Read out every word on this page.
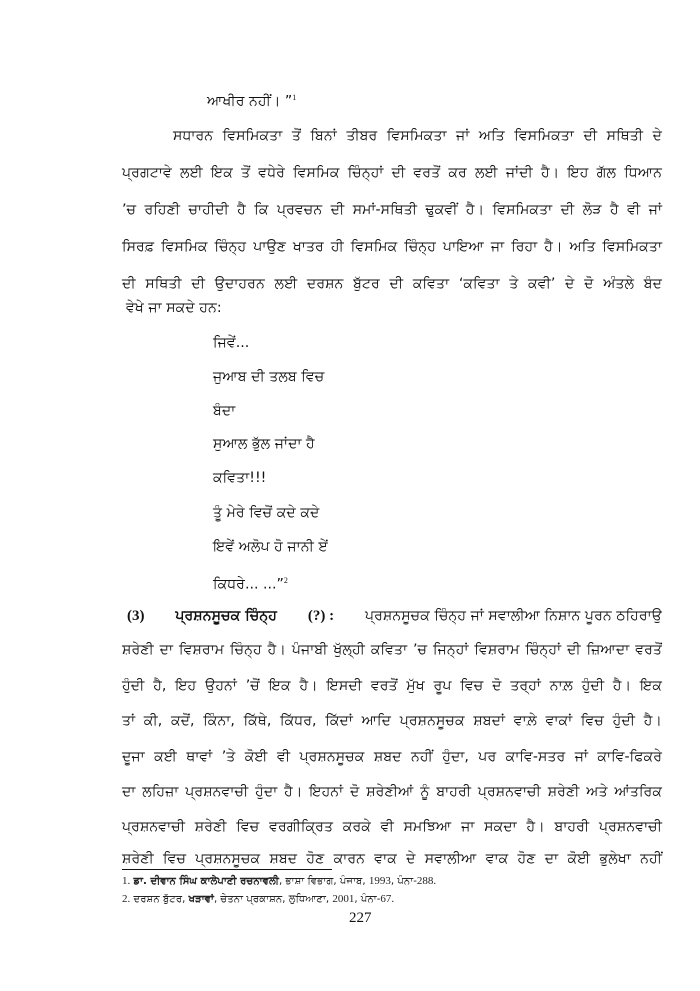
ਆਖੀਰ ਨਹੀਂ। ”$^1$
ਸਧਾਰਨ ਵਿਸਮਿਕਤਾ ਤੋਂ ਬਿਨਾਂ ਤੀਬਰ ਵਿਸਮਿਕਤਾ ਜਾਂ ਅਤਿ ਵਿਸਮਿਕਤਾ ਦੀ ਸਥਿਤੀ ਦੇ
ਪ੍ਰਗਟਾਵੇ ਲਈ ਇਕ ਤੋਂ ਵਧੇਰੇ ਵਿਸਮਿਕ ਚਿੰਨ੍ਹਾਂ ਦੀ ਵਰਤੋਂ ਕਰ ਲਈ ਜਾਂਦੀ ਹੈ। ਇਹ ਗੱਲ ਧਿਆਨ
’ਚ ਰਹਿਣੀ ਚਾਹੀਦੀ ਹੈ ਕਿ ਪ੍ਰਵਚਨ ਦੀ ਸਮਾਂ-ਸਥਿਤੀ ਢੁਕਵੀਂ ਹੈ। ਵਿਸਮਿਕਤਾ ਦੀ ਲੋੜ ਹੈ ਵੀ ਜਾਂ
ਸਿਰਫ਼ ਵਿਸਮਿਕ ਚਿੰਨ੍ਹ ਪਾਉਣ ਖਾਤਰ ਹੀ ਵਿਸਮਿਕ ਚਿੰਨ੍ਹ ਪਾਇਆ ਜਾ ਰਿਹਾ ਹੈ। ਅਤਿ ਵਿਸਮਿਕਤਾ
ਦੀ ਸਥਿਤੀ ਦੀ ਉਦਾਹਰਨ ਲਈ ਦਰਸ਼ਨ ਬੁੱਟਰ ਦੀ ਕਵਿਤਾ ‘ਕਵਿਤਾ ਤੇ ਕਵੀ’ ਦੇ ਦੋ ਅੰਤਲੇ ਬੰਦ
ਵੇਖੇ ਜਾ ਸਕਦੇ ਹਨ:
ਜਿਵੇਂ...
ਜੁਆਬ ਦੀ ਤਲਬ ਵਿਚ
ਬੰਦਾ
ਸੁਆਲ ਭੁੱਲ ਜਾਂਦਾ ਹੈ
ਕਵਿਤਾ!!!
ਤੂੰ ਮੇਰੇ ਵਿਚੋਂ ਕਦੇ ਕਦੇ
ਇਵੇਂ ਅਲੋਪ ਹੋ ਜਾਨੀ ਏਂ
ਕਿਧਰੇ... ...”$^2$
(3) ਪ੍ਰਸ਼ਨਸੂਚਕ ਚਿੰਨ੍ਹ (?) : ਪ੍ਰਸ਼ਨਸੂਚਕ ਚਿੰਨ੍ਹ ਜਾਂ ਸਵਾਲੀਆ ਨਿਸ਼ਾਨ ਪੂਰਨ ਠਹਿਰਾਉ
ਸ਼ਰੇਣੀ ਦਾ ਵਿਸ਼ਰਾਮ ਚਿੰਨ੍ਹ ਹੈ। ਪੰਜਾਬੀ ਖੁੱਲ੍ਹੀ ਕਵਿਤਾ ’ਚ ਜਿਨ੍ਹਾਂ ਵਿਸ਼ਰਾਮ ਚਿੰਨ੍ਹਾਂ ਦੀ ਜ਼ਿਆਦਾ ਵਰਤੋਂ
ਹੁੰਦੀ ਹੈ, ਇਹ ਉਹਨਾਂ ’ਚੋਂ ਇਕ ਹੈ। ਇਸਦੀ ਵਰਤੋਂ ਮੁੱਖ ਰੂਪ ਵਿਚ ਦੋ ਤਰ੍ਹਾਂ ਨਾਲ਼ ਹੁੰਦੀ ਹੈ। ਇਕ
ਤਾਂ ਕੀ, ਕਦੋਂ, ਕਿੰਨਾ, ਕਿੱਥੇ, ਕਿੱਧਰ, ਕਿੱਦਾਂ ਆਦਿ ਪ੍ਰਸ਼ਨਸੂਚਕ ਸ਼ਬਦਾਂ ਵਾਲ਼ੇ ਵਾਕਾਂ ਵਿਚ ਹੁੰਦੀ ਹੈ।
ਦੂਜਾ ਕਈ ਥਾਵਾਂ ’ਤੇ ਕੋਈ ਵੀ ਪ੍ਰਸ਼ਨਸੂਚਕ ਸ਼ਬਦ ਨਹੀਂ ਹੁੰਦਾ, ਪਰ ਕਾਵਿ-ਸਤਰ ਜਾਂ ਕਾਵਿ-ਫਿਕਰੇ
ਦਾ ਲਹਿਜ਼ਾ ਪ੍ਰਸ਼ਨਵਾਚੀ ਹੁੰਦਾ ਹੈ। ਇਹਨਾਂ ਦੋ ਸ਼ਰੇਣੀਆਂ ਨੂੰ ਬਾਹਰੀ ਪ੍ਰਸ਼ਨਵਾਚੀ ਸ਼ਰੇਣੀ ਅਤੇ ਆਂਤਰਿਕ
ਪ੍ਰਸ਼ਨਵਾਚੀ ਸ਼ਰੇਣੀ ਵਿਚ ਵਰਗੀਕ੍ਰਿਤ ਕਰਕੇ ਵੀ ਸਮਝਿਆ ਜਾ ਸਕਦਾ ਹੈ। ਬਾਹਰੀ ਪ੍ਰਸ਼ਨਵਾਚੀ
ਸ਼ਰੇਣੀ ਵਿਚ ਪ੍ਰਸ਼ਨਸੂਚਕ ਸ਼ਬਦ ਹੋਣ ਕਾਰਨ ਵਾਕ ਦੇ ਸਵਾਲੀਆ ਵਾਕ ਹੋਣ ਦਾ ਕੋਈ ਭੁਲੇਖਾ ਨਹੀਂ
1. ਡਾ. ਦੀਵਾਨ ਸਿੰਘ ਕਾਲੇਪਾਣੀ ਰਚਨਾਵਲੀ, ਭਾਸ਼ਾ ਵਿਭਾਗ, ਪੰਜਾਬ, 1993, ਪੰਨਾ-288.
2. ਦਰਸ਼ਨ ਬੁੱਟਰ, ਖੜਾਵਾਂ, ਚੇਤਨਾ ਪ੍ਰਕਾਸ਼ਨ, ਲੁਧਿਆਣਾ, 2001, ਪੰਨਾ-67.
227
